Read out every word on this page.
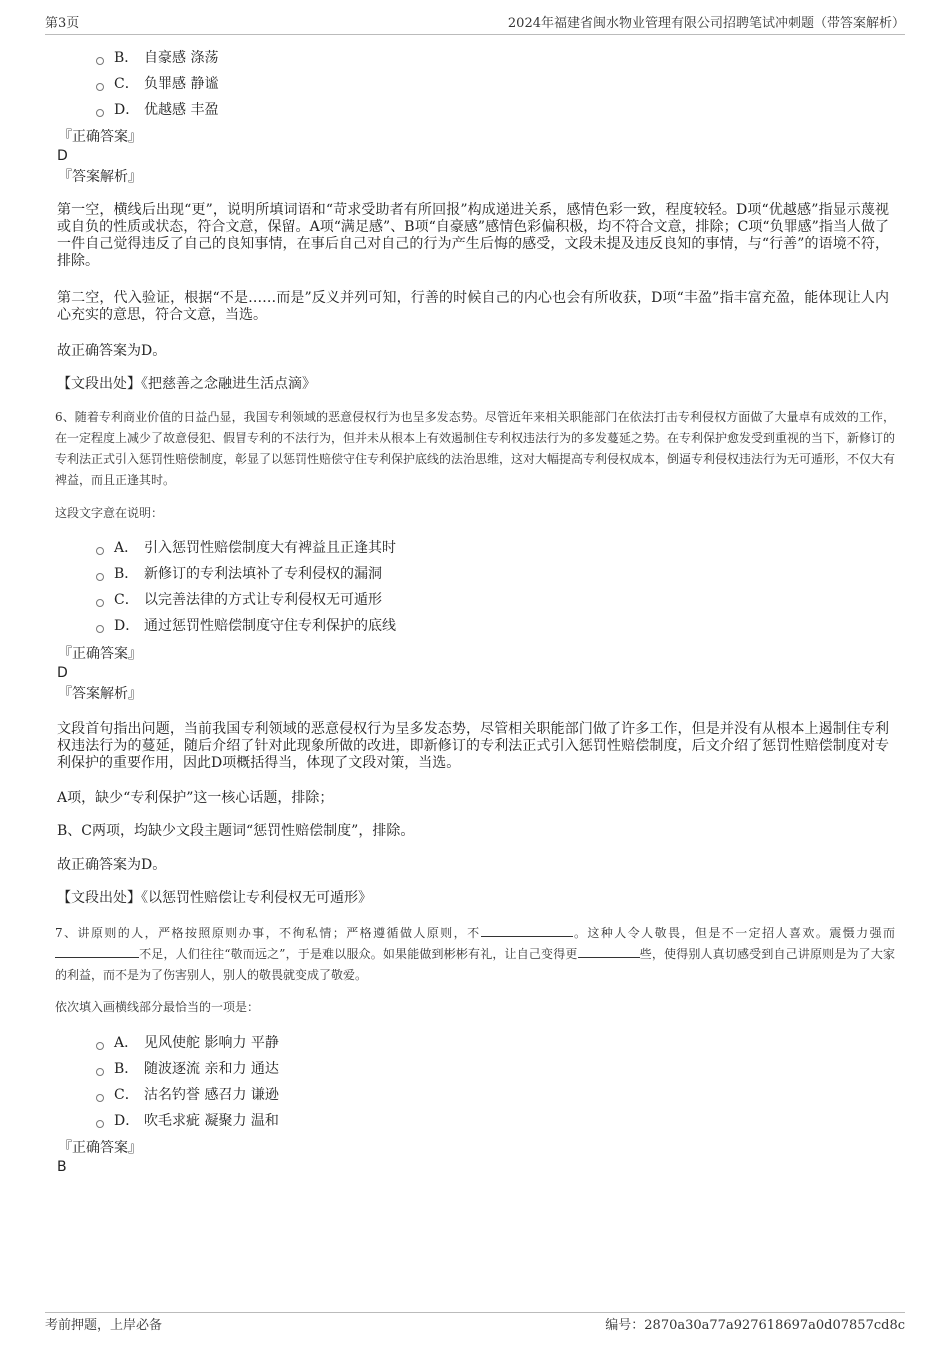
第3页	2024年福建省闽水物业管理有限公司招聘笔试冲刺题（带答案解析）
B． 自豪感 涤荡
C． 负罪感 静谧
D． 优越感 丰盈
『正确答案』
D
『答案解析』
第一空，横线后出现“更”，说明所填词语和“苛求受助者有所回报”构成递进关系，感情色彩一致，程度较轻。D项“优越感”指显示蔑视或自负的性质或状态，符合文意，保留。A项“满足感”、B项“自豪感”感情色彩偏积极，均不符合文意，排除；C项“负罪感”指当人做了一件自己觉得违反了自己的良知事情，在事后自己对自己的行为产生后悔的感受，文段未提及违反良知的事情，与“行善”的语境不符，排除。
第二空，代入验证，根据“不是……而是”反义并列可知，行善的时候自己的内心也会有所收获，D项“丰盈”指丰富充盈，能体现让人内心充实的意思，符合文意，当选。
故正确答案为D。
【文段出处】《把慈善之念融进生活点滴》
6、随着专利商业价值的日益凸显，我国专利领域的恶意侵权行为也呈多发态势。尽管近年来相关职能部门在依法打击专利侵权方面做了大量卓有成效的工作，在一定程度上减少了故意侵犯、假冒专利的不法行为，但并未从根本上有效遏制住专利权违法行为的多发蔓延之势。在专利保护愈发受到重视的当下，新修订的专利法正式引入惩罚性赔偿制度，彰显了以惩罚性赔偿守住专利保护底线的法治思维，这对大幅提高专利侵权成本，倒逼专利侵权违法行为无可遁形，不仅大有裨益，而且正逢其时。
这段文字意在说明：
A． 引入惩罚性赔偿制度大有裨益且正逢其时
B． 新修订的专利法填补了专利侵权的漏洞
C． 以完善法律的方式让专利侵权无可遁形
D． 通过惩罚性赔偿制度守住专利保护的底线
『正确答案』
D
『答案解析』
文段首句指出问题，当前我国专利领域的恶意侵权行为呈多发态势，尽管相关职能部门做了许多工作，但是并没有从根本上遏制住专利权违法行为的蔓延，随后介绍了针对此现象所做的改进，即新修订的专利法正式引入惩罚性赔偿制度，后文介绍了惩罚性赔偿制度对专利保护的重要作用，因此D项概括得当，体现了文段对策，当选。
A项，缺少“专利保护”这一核心话题，排除；
B、C两项，均缺少文段主题词“惩罚性赔偿制度”，排除。
故正确答案为D。
【文段出处】《以惩罚性赔偿让专利侵权无可遁形》
7、讲原则的人，严格按照原则办事，不徇私情；严格遵循做人原则，不	。这种人令人敬畏，但是不一定招人喜欢。震慑力强而不足，人们往往“敬而远之”，于是难以服众。如果能做到彬彬有礼，让自己变得更	些，使得别人真切感受到自己讲原则是为了大家的利益，而不是为了伤害别人，别人的敬畏就变成了敬爱。
依次填入画横线部分最恰当的一项是：
A． 见风使舵 影响力 平静
B． 随波逐流 亲和力 通达
C． 沽名钓誉 感召力 谦逊
D． 吹毛求疵 凝聚力 温和
『正确答案』
B
考前押题，上岸必备	编号：2870a30a77a927618697a0d07857cd8c
